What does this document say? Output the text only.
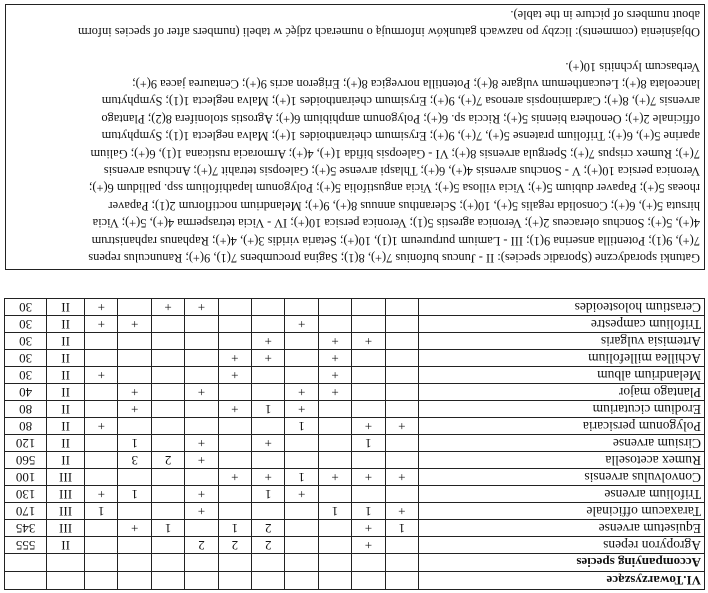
VI.Towarzyszące												
Accompanying species												
Agropyron repens		+			2	2	2				II	555
Equisetum arvense	1	+			2	1		1	+		III	345
Taraxacum officinale	+	1	1				+			1	III	170
Trifolium arvense				+	1		+		1	+	III	130
Convolvulus arvensis	+	+	+	1	+	+					III	100
Rumex acetosella							+	2	3		II	560
Cirsium arvense		1			+		+		1		II	120
Polygonum persicaria	+	+		1						+	II	80
Erodium cicutarium				+	1	+			+		II	80
Plantago major			+	+			+		+		II	40
Melandrium album			+			+				+	II	30
Achillea millefolium			+		+	+					II	30
Artemisia vulgaris		+	+		+						II	30
Trifolium campestre				+					+	+	II	30
Cerastium holosteoides							+	+		+	II	30

Gatunki sporadyczne (Sporadic species): II - Juncus bufonius 7(+), 8(1); Sagina procumbens 7(1), 9(+); Ranunculus repens

7(+), 9(1); Potentilla anserina 9(1); III - Lamium purpureum 1(1), 10(+); Setaria viridis 3(+), 4(+); Raphanus raphanistrum

4(+), 5(+); Sonchus oleraceus 2(+); Veronica agrestis 5(1); Veronica persica 10(+); IV - Vicia tetrasperma 4(+), 5(+); Vicia

hirsuta 5(+), 6(+); Consolida regalis 5(+), 10(+); Scleranthus annuus 8(+), 9(+); Melandrium noctiflorum 2(1); Papaver

rhoeas 5(+); Papaver dubium 5(+); Vicia villosa 5(+); Vicia angustifolia 5(+); Polygonum lapathifolium ssp. pallidum 6(+);

Veronica persica 10(+); V - Sonchus arvensis 4(+), 6(+); Thlaspi arvense 5(+); Galeopsis tetrahit 7(+); Anchusa arvensis

7(+); Rumex crispus 7(+); Spergula arvensis 8(+); VI - Galeopsis bifida 1(+), 4(+); Armoracia rusticana 1(1), 6(+); Galium

aparine 5(+), 6(+); Trifolium pratense 5(+), 7(+), 9(+); Erysimum cheiranthoides 1(+); Malva neglecta 1(1); Symphytum

officinale 2(+); Oenothera biennis 5(+); Riccia sp. 6(+); Polygonum amphibium 6(+); Agrostis stolonifera 8(2); Plantago

arvensis 7(+), 8(+); Cardaminopsis arenosa 7(+), 9(+); Erysimum cheiranthoides 1(+); Malva neglecta 1(1); Symphytum

lanceolata 8(+); Leucanthemum vulgare 8(+); Potentilla norvegica 8(+); Erigeron acris 9(+); Centaurea jacea 9(+);

Verbascum lychnitis 10(+).

Objaśnienia (comments): liczby po nazwach gatunków informują o numerach zdjęć w tabeli (numbers after of species inform

about numbers of picture in the table).
